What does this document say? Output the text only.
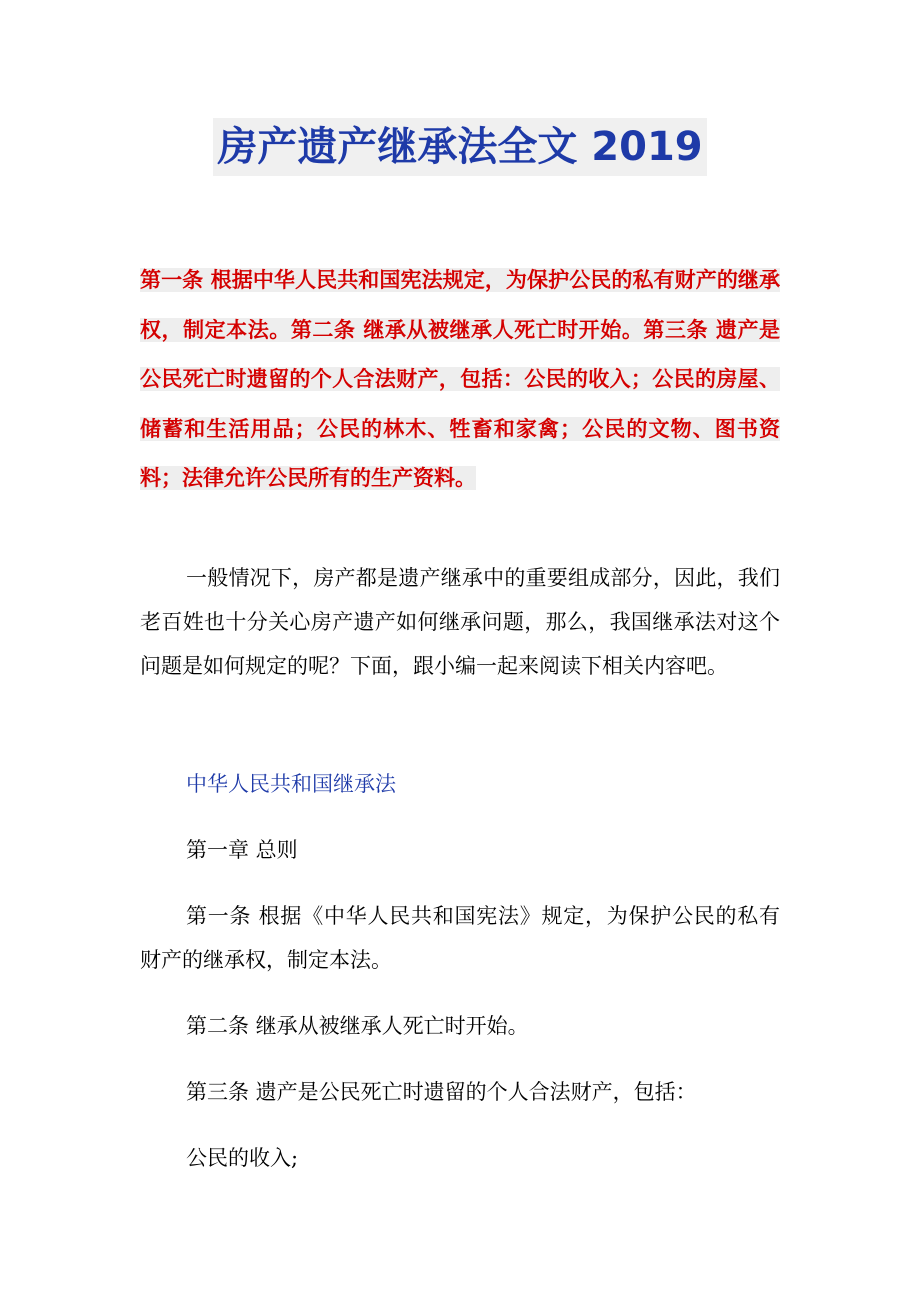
房产遗产继承法全文 2019
第一条 根据中华人民共和国宪法规定，为保护公民的私有财产的继承权，制定本法。第二条 继承从被继承人死亡时开始。第三条 遗产是公民死亡时遗留的个人合法财产，包括：公民的收入；公民的房屋、储蓄和生活用品；公民的林木、牲畜和家禽；公民的文物、图书资料；法律允许公民所有的生产资料。
一般情况下，房产都是遗产继承中的重要组成部分，因此，我们老百姓也十分关心房产遗产如何继承问题，那么，我国继承法对这个问题是如何规定的呢？下面，跟小编一起来阅读下相关内容吧。
中华人民共和国继承法
第一章 总则
第一条 根据《中华人民共和国宪法》规定，为保护公民的私有财产的继承权，制定本法。
第二条 继承从被继承人死亡时开始。
第三条 遗产是公民死亡时遗留的个人合法财产，包括：
公民的收入;
